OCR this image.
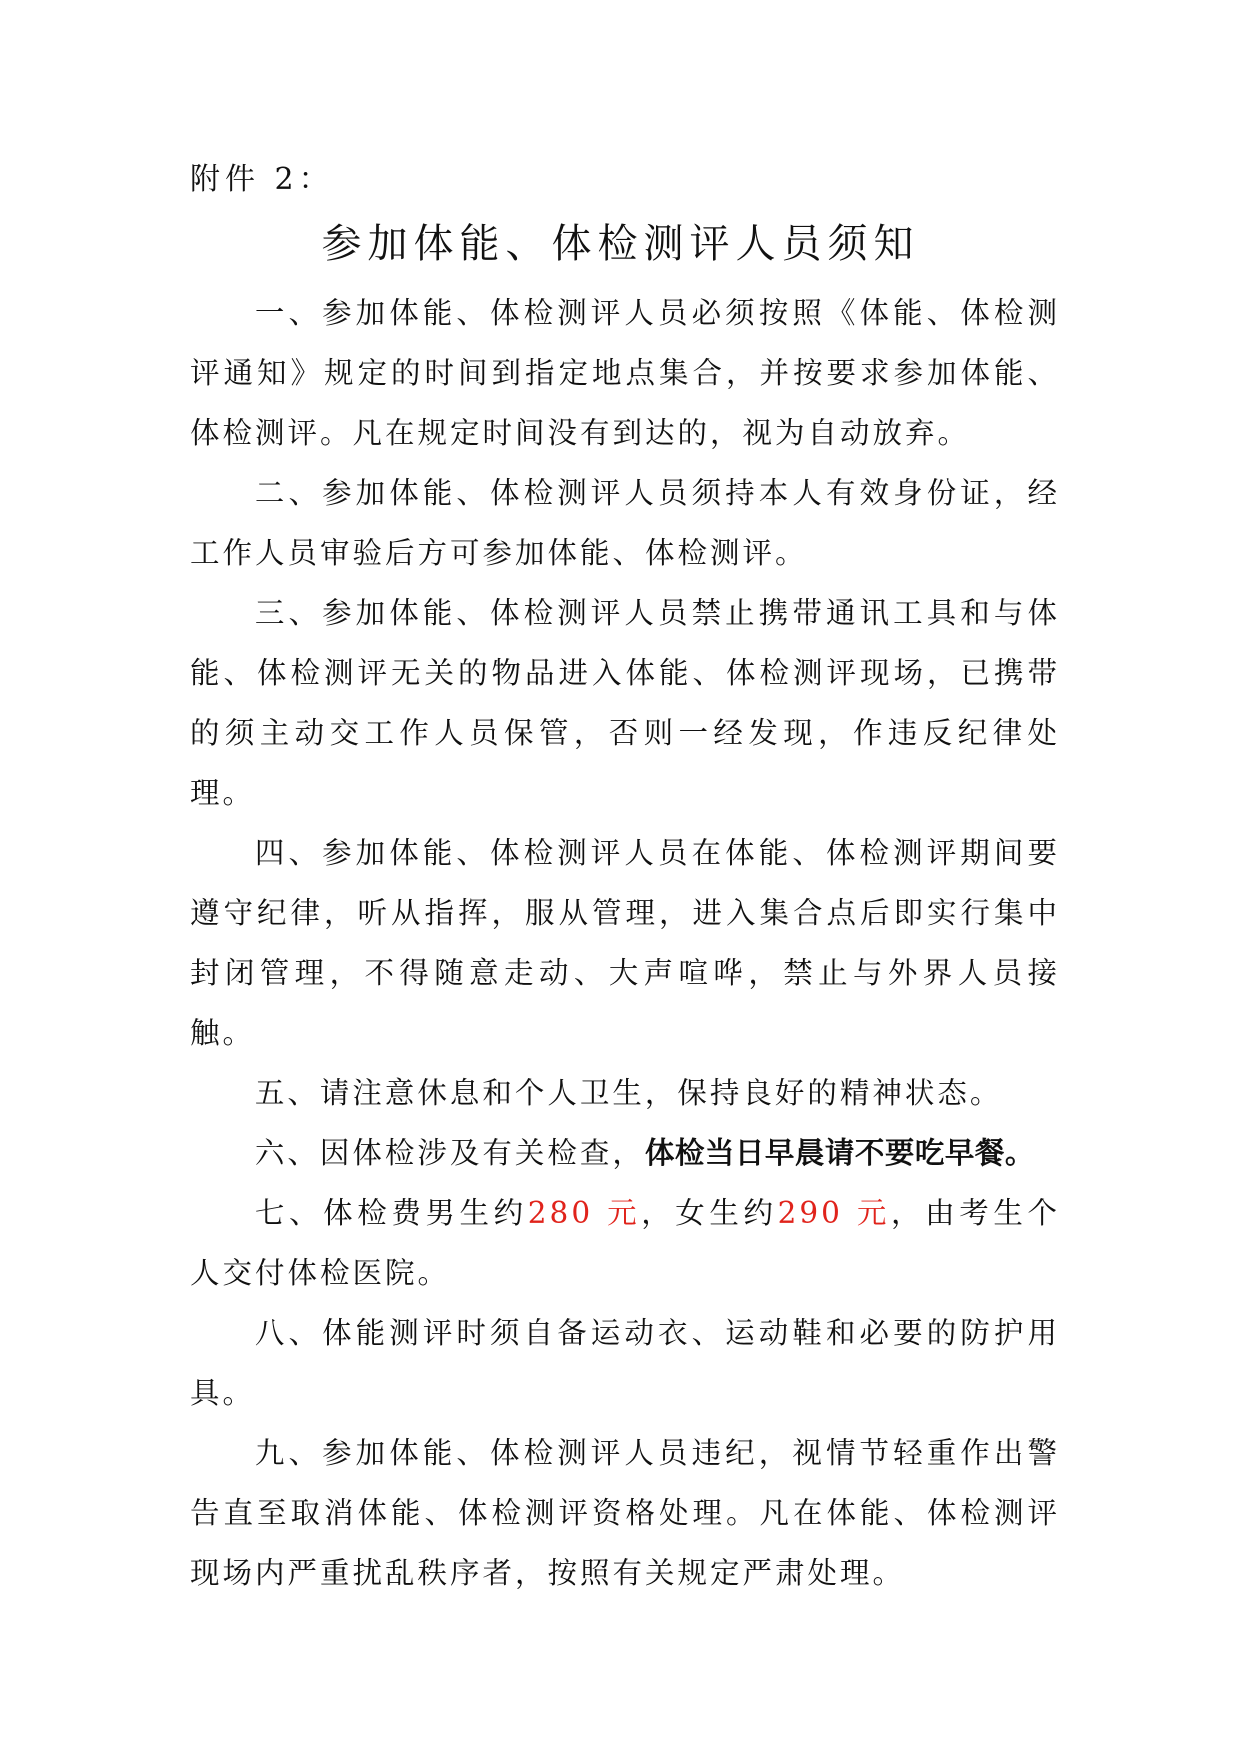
附件 2：
参加体能、体检测评人员须知

一、参加体能、体检测评人员必须按照《体能、体检测评通知》规定的时间到指定地点集合，并按要求参加体能、体检测评。凡在规定时间没有到达的，视为自动放弃。

二、参加体能、体检测评人员须持本人有效身份证，经工作人员审验后方可参加体能、体检测评。

三、参加体能、体检测评人员禁止携带通讯工具和与体能、体检测评无关的物品进入体能、体检测评现场，已携带的须主动交工作人员保管，否则一经发现，作违反纪律处理。

四、参加体能、体检测评人员在体能、体检测评期间要遵守纪律，听从指挥，服从管理，进入集合点后即实行集中封闭管理，不得随意走动、大声喧哗，禁止与外界人员接触。

五、请注意休息和个人卫生，保持良好的精神状态。

六、因体检涉及有关检查，体检当日早晨请不要吃早餐。

七、体检费男生约280 元，女生约290 元，由考生个人交付体检医院。

八、体能测评时须自备运动衣、运动鞋和必要的防护用具。

九、参加体能、体检测评人员违纪，视情节轻重作出警告直至取消体能、体检测评资格处理。凡在体能、体检测评现场内严重扰乱秩序者，按照有关规定严肃处理。
